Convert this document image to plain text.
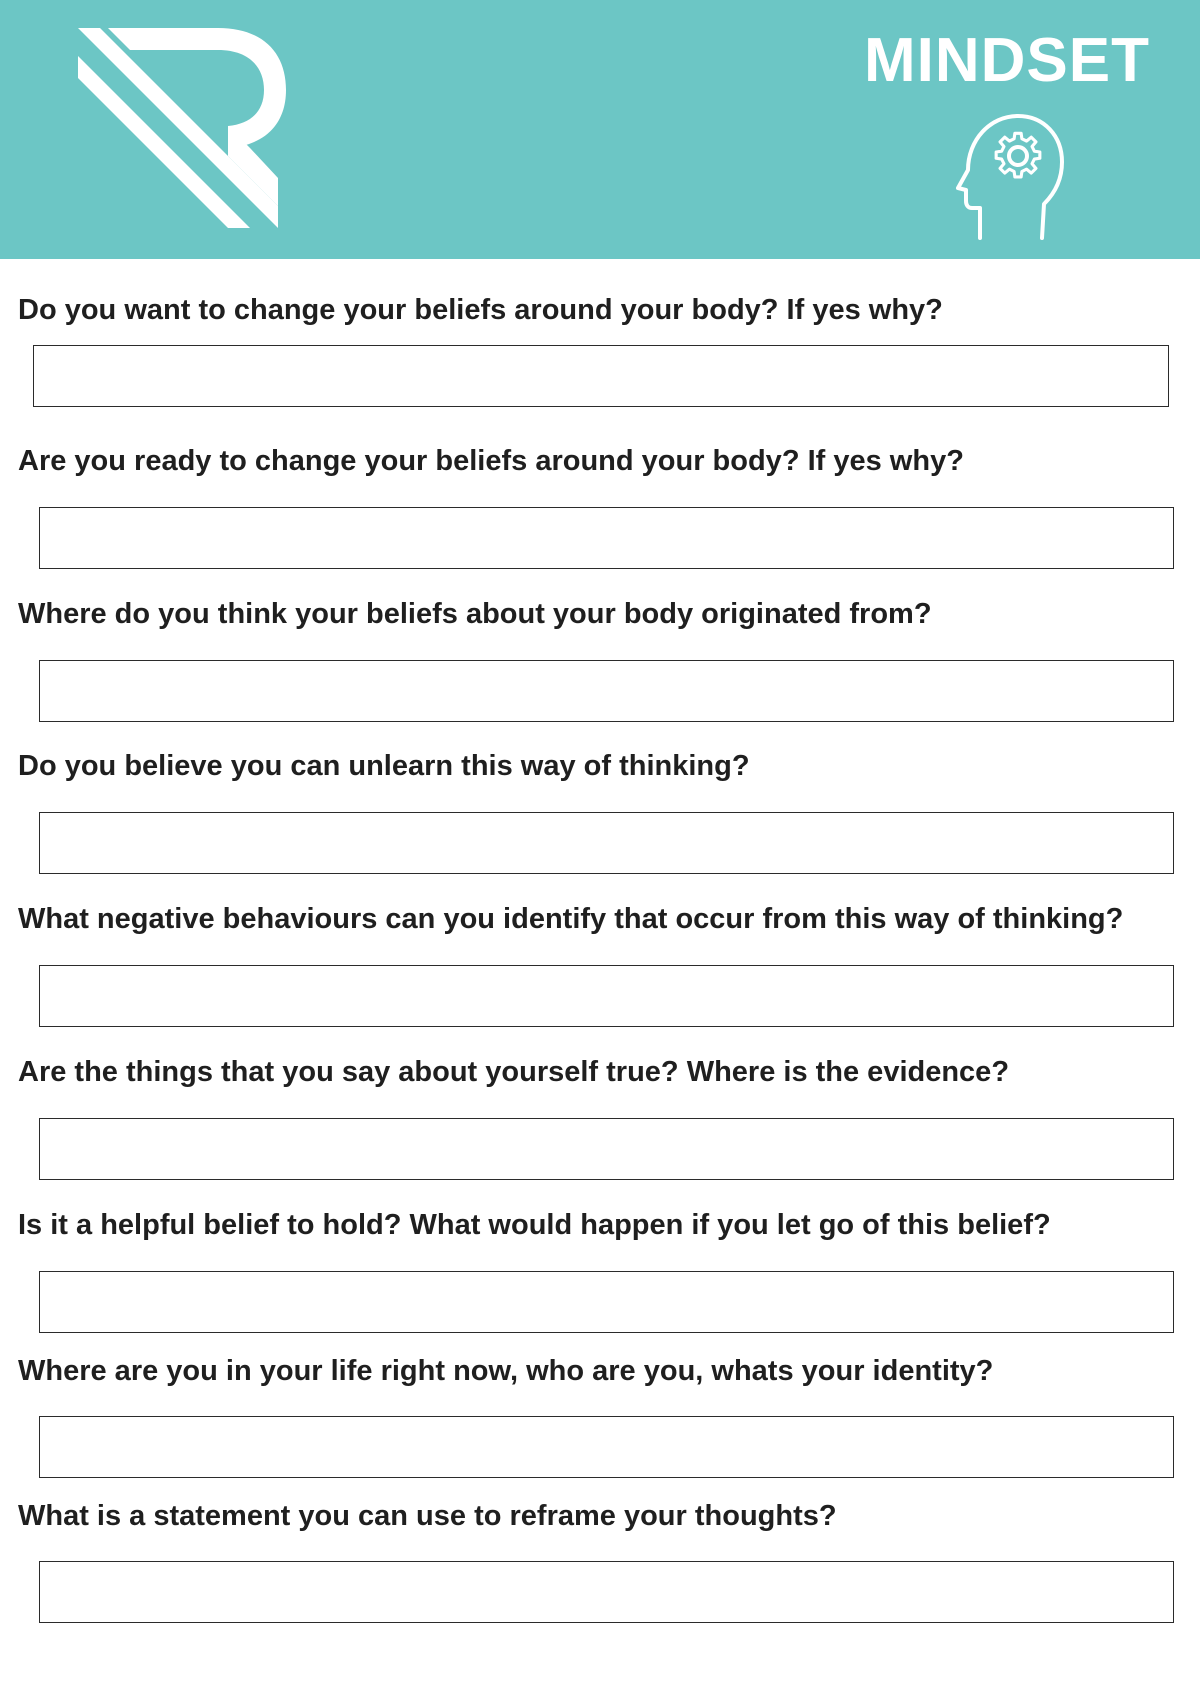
MINDSET
Do you want to change your beliefs around your body? If yes why?
Are you ready to change your beliefs around your body? If yes why?
Where do you think your beliefs about your body originated from?
Do you believe you can unlearn this way of thinking?
What negative behaviours can you identify that occur from this way of thinking?
Are the things that you say about yourself true? Where is the evidence?
Is it a helpful belief to hold? What would happen if you let go of this belief?
Where are you in your life right now, who are you, whats your identity?
What is a statement you can use to reframe your thoughts?
